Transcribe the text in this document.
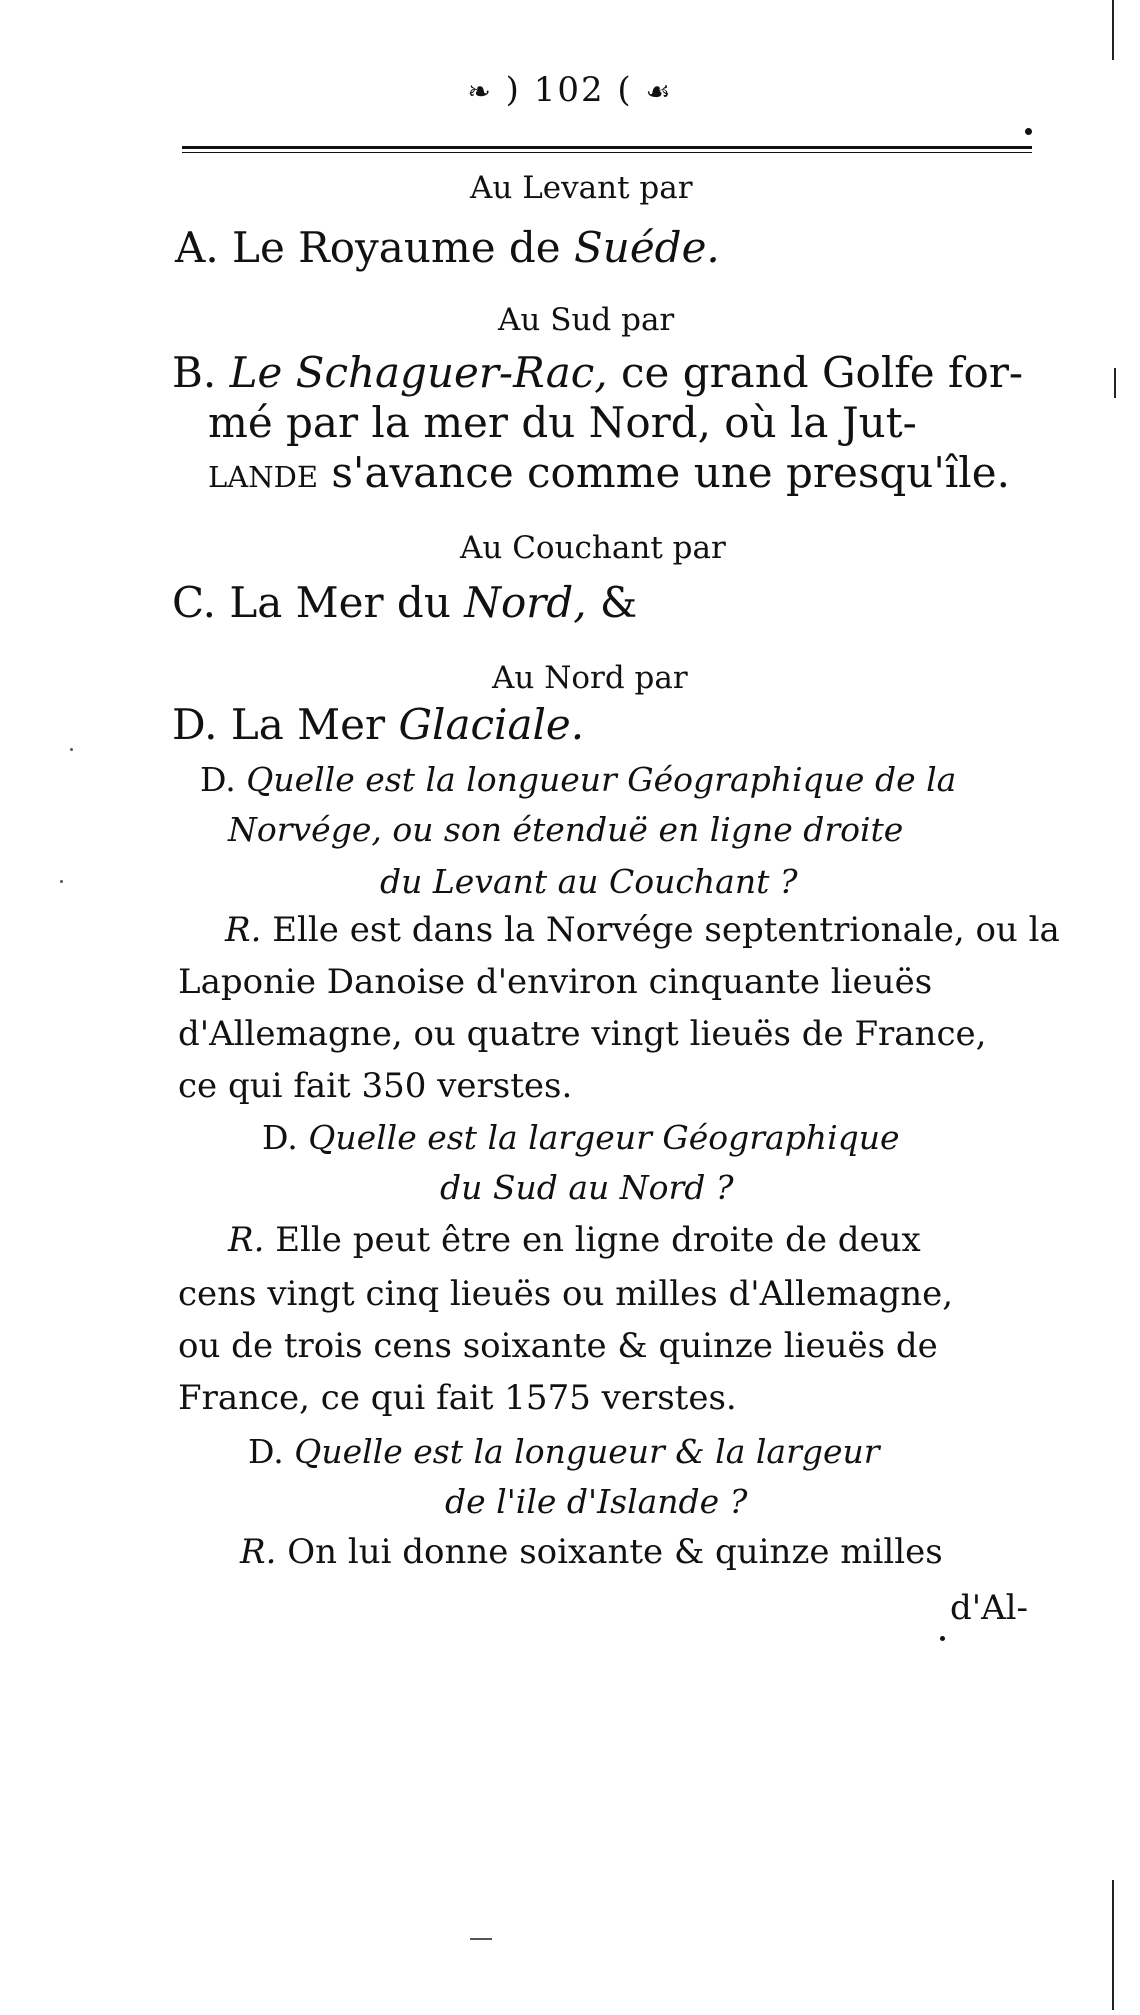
❧ ) 102 ( ☙
Au Levant par
A. Le Royaume de Suéde.
Au Sud par
B. Le Schaguer-Rac, ce grand Golfe for-
mé par la mer du Nord, où la Jut-
lande s'avance comme une presqu'île.
Au Couchant par
C. La Mer du Nord, &
Au Nord par
D. La Mer Glaciale.
D. Quelle est la longueur Géographique de la
Norvége, ou son étenduë en ligne droite
du Levant au Couchant ?
R. Elle est dans la Norvége septentrionale, ou la
Laponie Danoise d'environ cinquante lieuës
d'Allemagne, ou quatre vingt lieuës de France,
ce qui fait 350 verstes.
D. Quelle est la largeur Géographique
du Sud au Nord ?
R. Elle peut être en ligne droite de deux
cens vingt cinq lieuës ou milles d'Allemagne,
ou de trois cens soixante & quinze lieuës de
France, ce qui fait 1575 verstes.
D. Quelle est la longueur & la largeur
de l'ile d'Islande ?
R. On lui donne soixante & quinze milles
d'Al-
